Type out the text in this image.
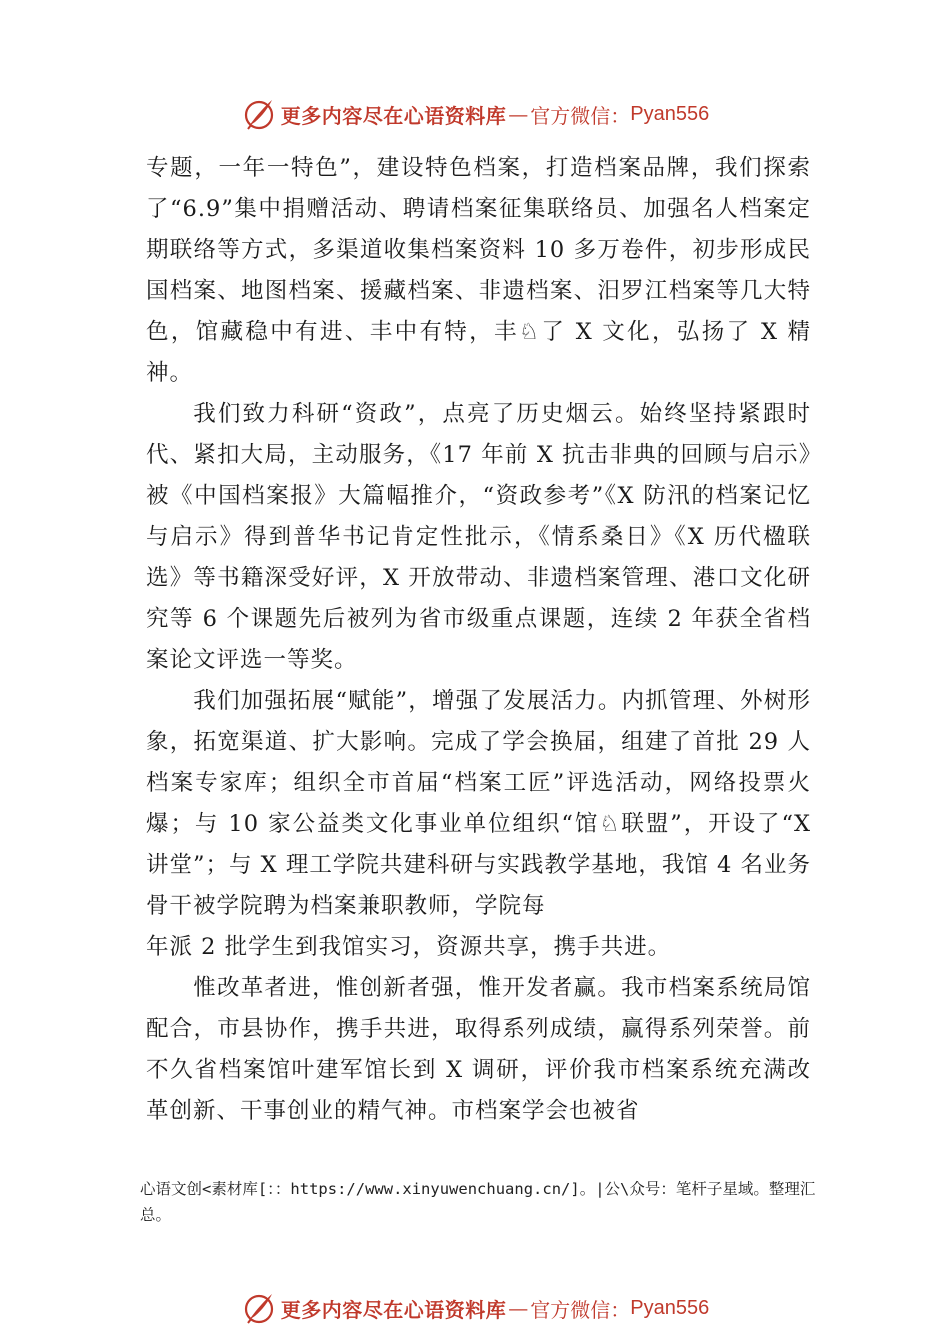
更多内容尽在心语资料库 — 官方微信： Pyan556

专题，一年一特色”，建设特色档案，打造档案品牌，我们探索了“6.9”集中捐赠活动、聘请档案征集联络员、加强名人档案定期联络等方式，多渠道收集档案资料 10 多万卷件，初步形成民国档案、地图档案、援藏档案、非遗档案、汨罗江档案等几大特色，馆藏稳中有进、丰中有特，丰♘了 X 文化，弘扬了 X 精神。

我们致力科研“资政”，点亮了历史烟云。始终坚持紧跟时代、紧扣大局，主动服务，《17 年前 X 抗击非典的回顾与启示》被《中国档案报》大篇幅推介，“资政参考”《X 防汛的档案记忆与启示》得到普华书记肯定性批示，《情系桑日》《X 历代楹联选》等书籍深受好评，X 开放带动、非遗档案管理、港口文化研究等 6 个课题先后被列为省市级重点课题，连续 2 年获全省档案论文评选一等奖。

我们加强拓展“赋能”，增强了发展活力。内抓管理、外树形象，拓宽渠道、扩大影响。完成了学会换届，组建了首批 29 人档案专家库；组织全市首届“档案工匠”评选活动，网络投票火爆；与 10 家公益类文化事业单位组织“馆♘联盟”，开设了“X 讲堂”；与 X 理工学院共建科研与实践教学基地，我馆 4 名业务骨干被学院聘为档案兼职教师，学院每

年派 2 批学生到我馆实习，资源共享，携手共进。

惟改革者进，惟创新者强，惟开发者赢。我市档案系统局馆配合，市县协作，携手共进，取得系列成绩，赢得系列荣誉。前不久省档案馆叶建军馆长到 X 调研，评价我市档案系统充满改革创新、干事创业的精气神。市档案学会也被省

心语文创<素材库[：：https://www.xinyuwenchuang.cn/]。|公\众号：笔杆子星域。整理汇总。
更多内容尽在心语资料库 — 官方微信： Pyan556
